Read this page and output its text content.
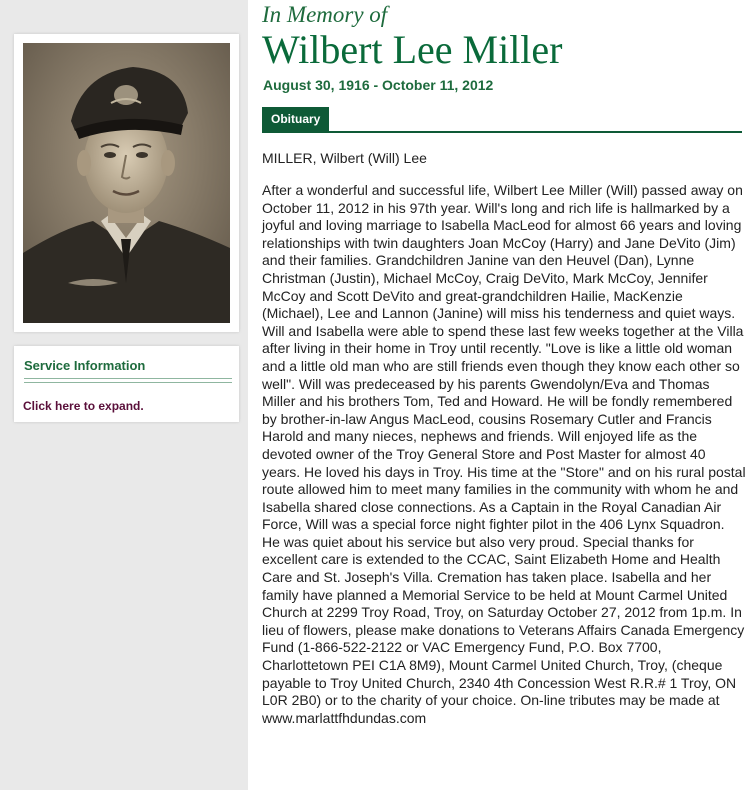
Service Information
Click here to expand.
In Memory of
Wilbert Lee Miller
August 30, 1916 - October 11, 2012
Obituary
MILLER, Wilbert (Will) Lee
After a wonderful and successful life, Wilbert Lee Miller (Will) passed away on October 11, 2012 in his 97th year. Will's long and rich life is hallmarked by a joyful and loving marriage to Isabella MacLeod for almost 66 years and loving relationships with twin daughters Joan McCoy (Harry) and Jane DeVito (Jim) and their families. Grandchildren Janine van den Heuvel (Dan), Lynne Christman (Justin), Michael McCoy, Craig DeVito, Mark McCoy, Jennifer McCoy and Scott DeVito and great-grandchildren Hailie, MacKenzie (Michael), Lee and Lannon (Janine) will miss his tenderness and quiet ways. Will and Isabella were able to spend these last few weeks together at the Villa after living in their home in Troy until recently. "Love is like a little old woman and a little old man who are still friends even though they know each other so well". Will was predeceased by his parents Gwendolyn/Eva and Thomas Miller and his brothers Tom, Ted and Howard. He will be fondly remembered by brother-in-law Angus MacLeod, cousins Rosemary Cutler and Francis Harold and many nieces, nephews and friends. Will enjoyed life as the devoted owner of the Troy General Store and Post Master for almost 40 years. He loved his days in Troy. His time at the "Store" and on his rural postal route allowed him to meet many families in the community with whom he and Isabella shared close connections. As a Captain in the Royal Canadian Air Force, Will was a special force night fighter pilot in the 406 Lynx Squadron. He was quiet about his service but also very proud. Special thanks for excellent care is extended to the CCAC, Saint Elizabeth Home and Health Care and St. Joseph's Villa. Cremation has taken place. Isabella and her family have planned a Memorial Service to be held at Mount Carmel United Church at 2299 Troy Road, Troy, on Saturday October 27, 2012 from 1p.m. In lieu of flowers, please make donations to Veterans Affairs Canada Emergency Fund (1-866-522-2122 or VAC Emergency Fund, P.O. Box 7700, Charlottetown PEI C1A 8M9), Mount Carmel United Church, Troy, (cheque payable to Troy United Church, 2340 4th Concession West R.R.# 1 Troy, ON L0R 2B0) or to the charity of your choice. On-line tributes may be made at www.marlattfhdundas.com
